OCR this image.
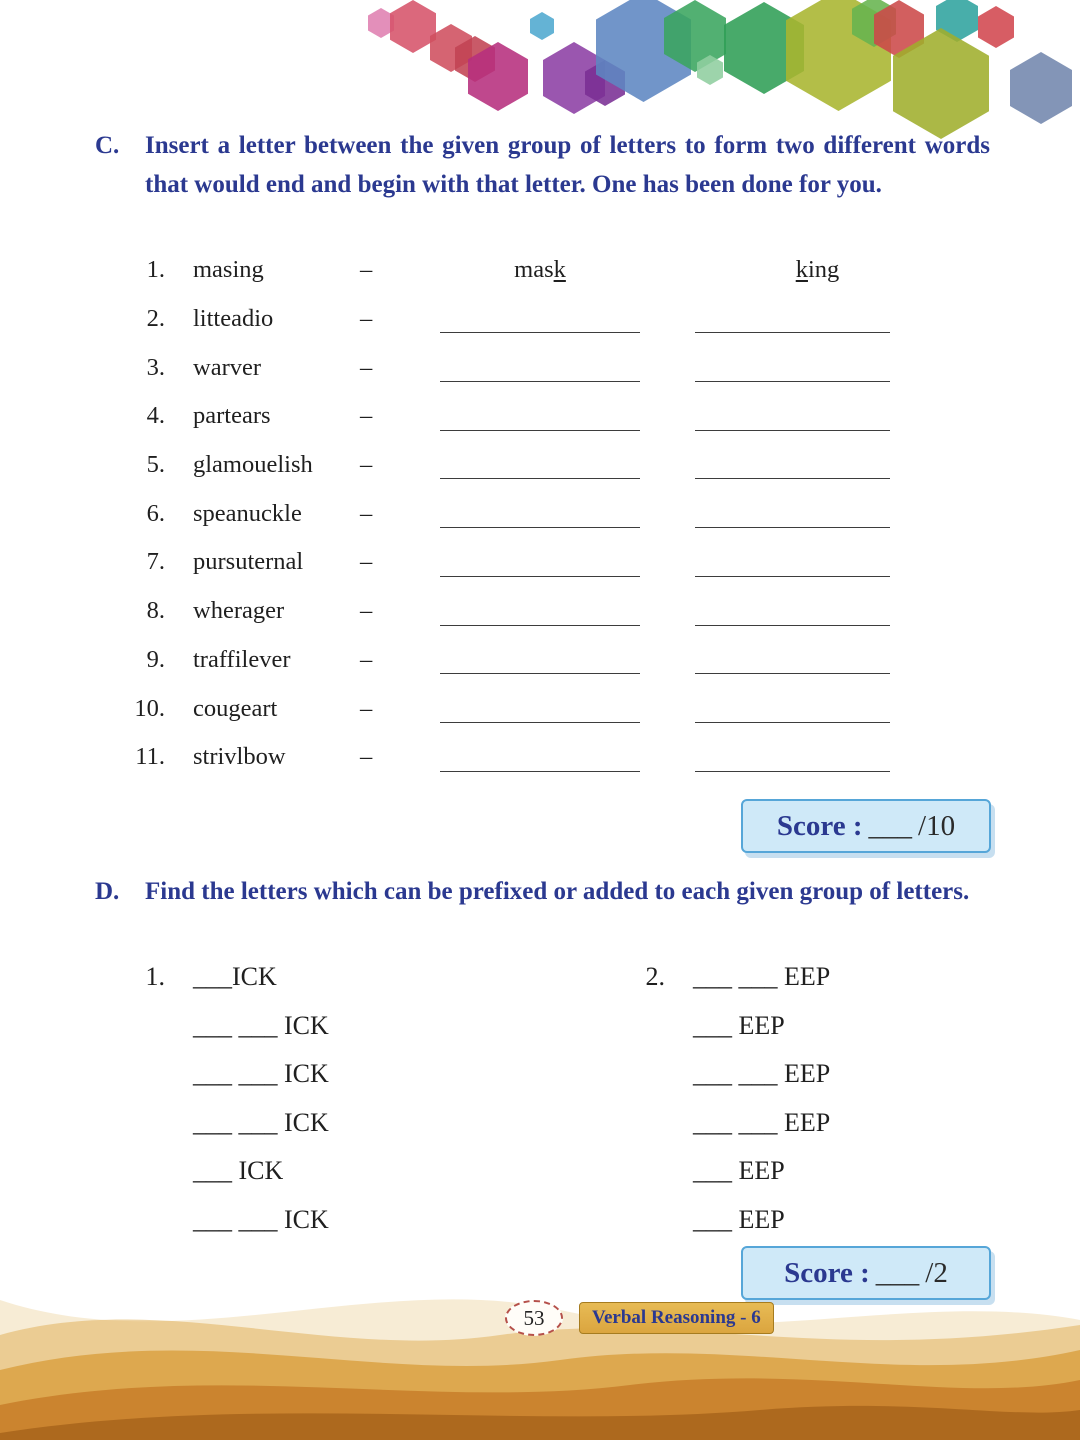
C.	Insert a letter between the given group of letters to form two different words that would end and begin with that letter. One has been done for you.
1.	masing	–	mask	king
2.	litteadio	–
3.	warver	–
4.	partears	–
5.	glamouelish	–
6.	speanuckle	–
7.	pursuternal	–
8.	wherager	–
9.	traffilever	–
10.	cougeart	–
11.	strivlbow	–
Score : ___ /10
D.	Find the letters which can be prefixed or added to each given group of letters.
1. ___ICK
___ ___ ICK
___ ___ ICK
___ ___ ICK
___ ICK
___ ___ ICK
2. ___ ___ EEP
___ EEP
___ ___ EEP
___ ___ EEP
___ EEP
___ EEP
Score : ___ /2
53	Verbal Reasoning - 6
